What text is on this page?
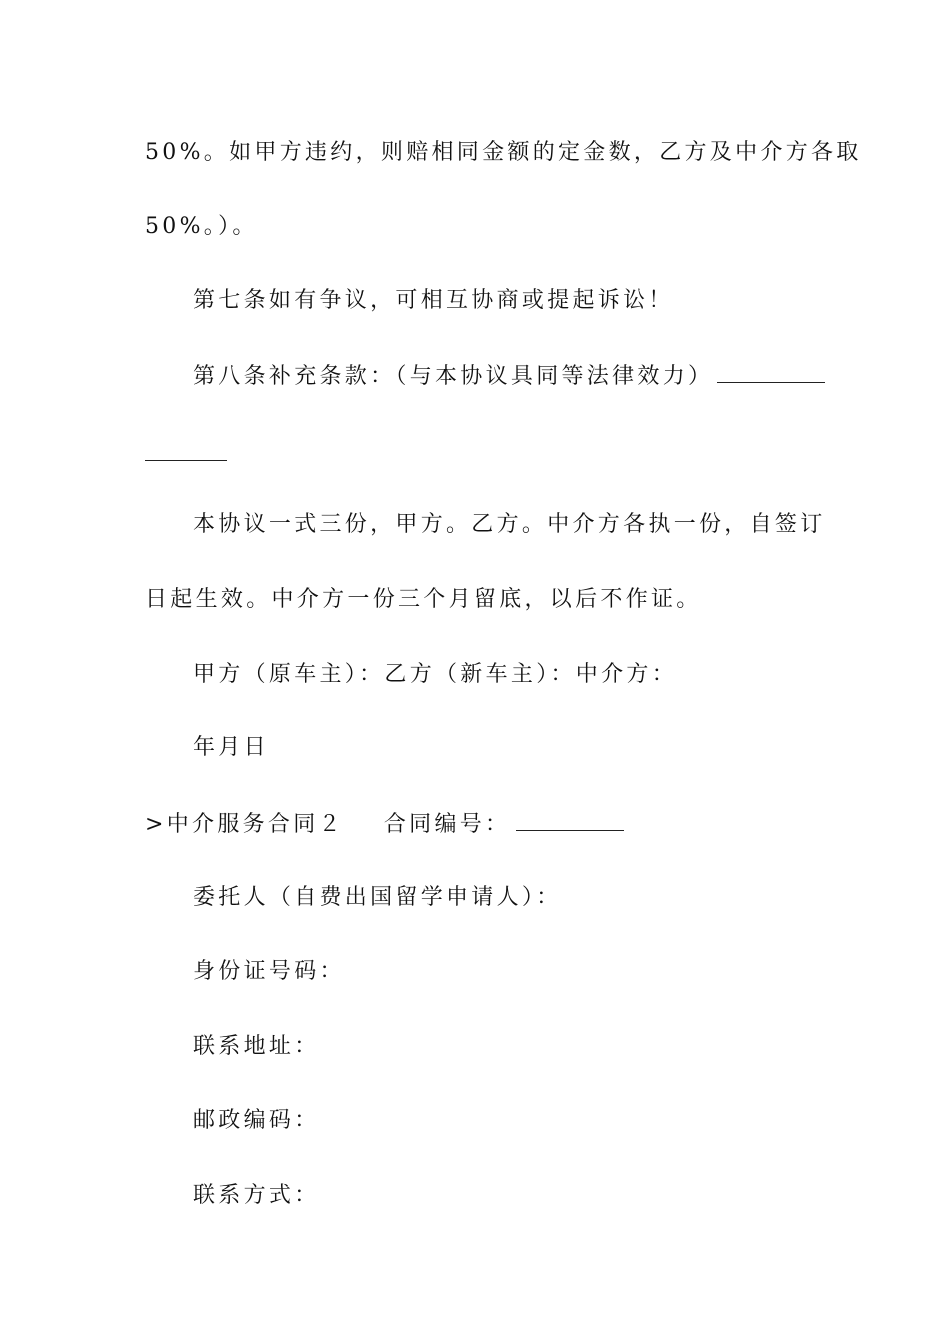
50%。如甲方违约，则赔相同金额的定金数，乙方及中介方各取
50%。）。
第七条如有争议，可相互协商或提起诉讼！
第八条补充条款：（与本协议具同等法律效力）
本协议一式三份，甲方。乙方。中介方各执一份，自签订
日起生效。中介方一份三个月留底，以后不作证。
甲方（原车主）：乙方（新车主）：中介方：
年月日
>中介服务合同２ 合同编号：
委托人（自费出国留学申请人）：
身份证号码：
联系地址：
邮政编码：
联系方式：
